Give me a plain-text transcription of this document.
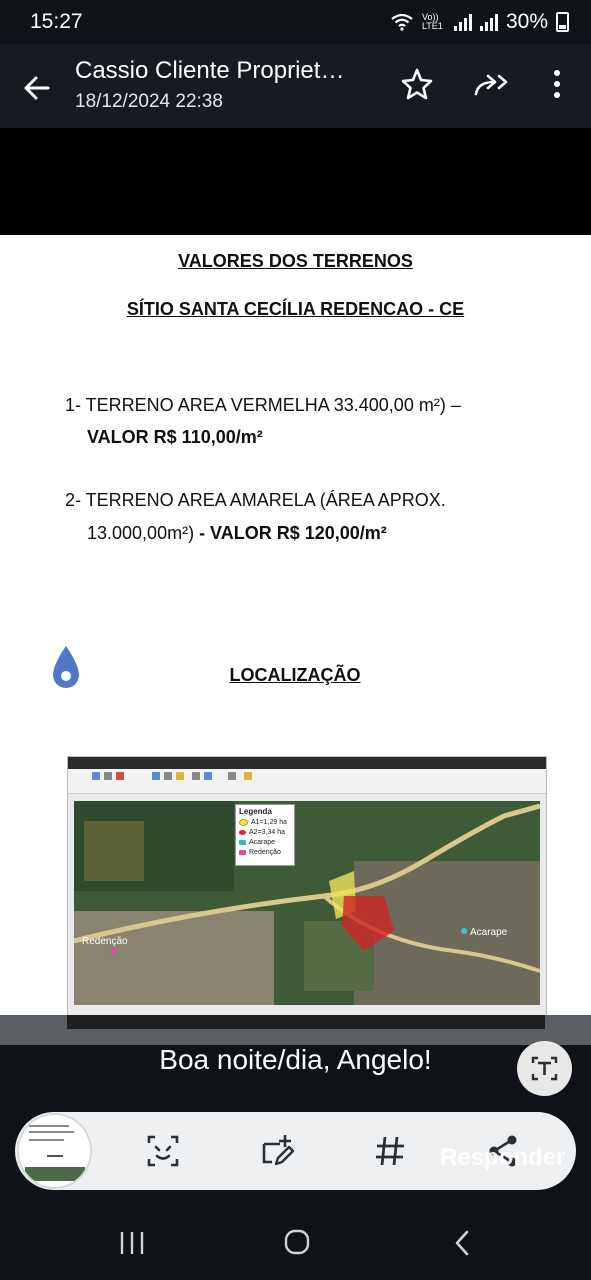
15:27	Vo)) LTE1	30%
Cassio Cliente Propriet…
18/12/2024 22:38
VALORES DOS TERRENOS
SÍTIO SANTA CECÍLIA REDENCAO - CE
1- TERRENO AREA VERMELHA 33.400,00 m²) –
VALOR R$ 110,00/m²
2- TERRENO AREA AMARELA (ÁREA APROX.
13.000,00m²) - VALOR R$ 120,00/m²
LOCALIZAÇÃO
Redenção
Acarape
Legenda
A1=1,29 ha
A2=3,34 ha
Acarape
Redenção
Boa noite/dia, Angelo!
Responder
